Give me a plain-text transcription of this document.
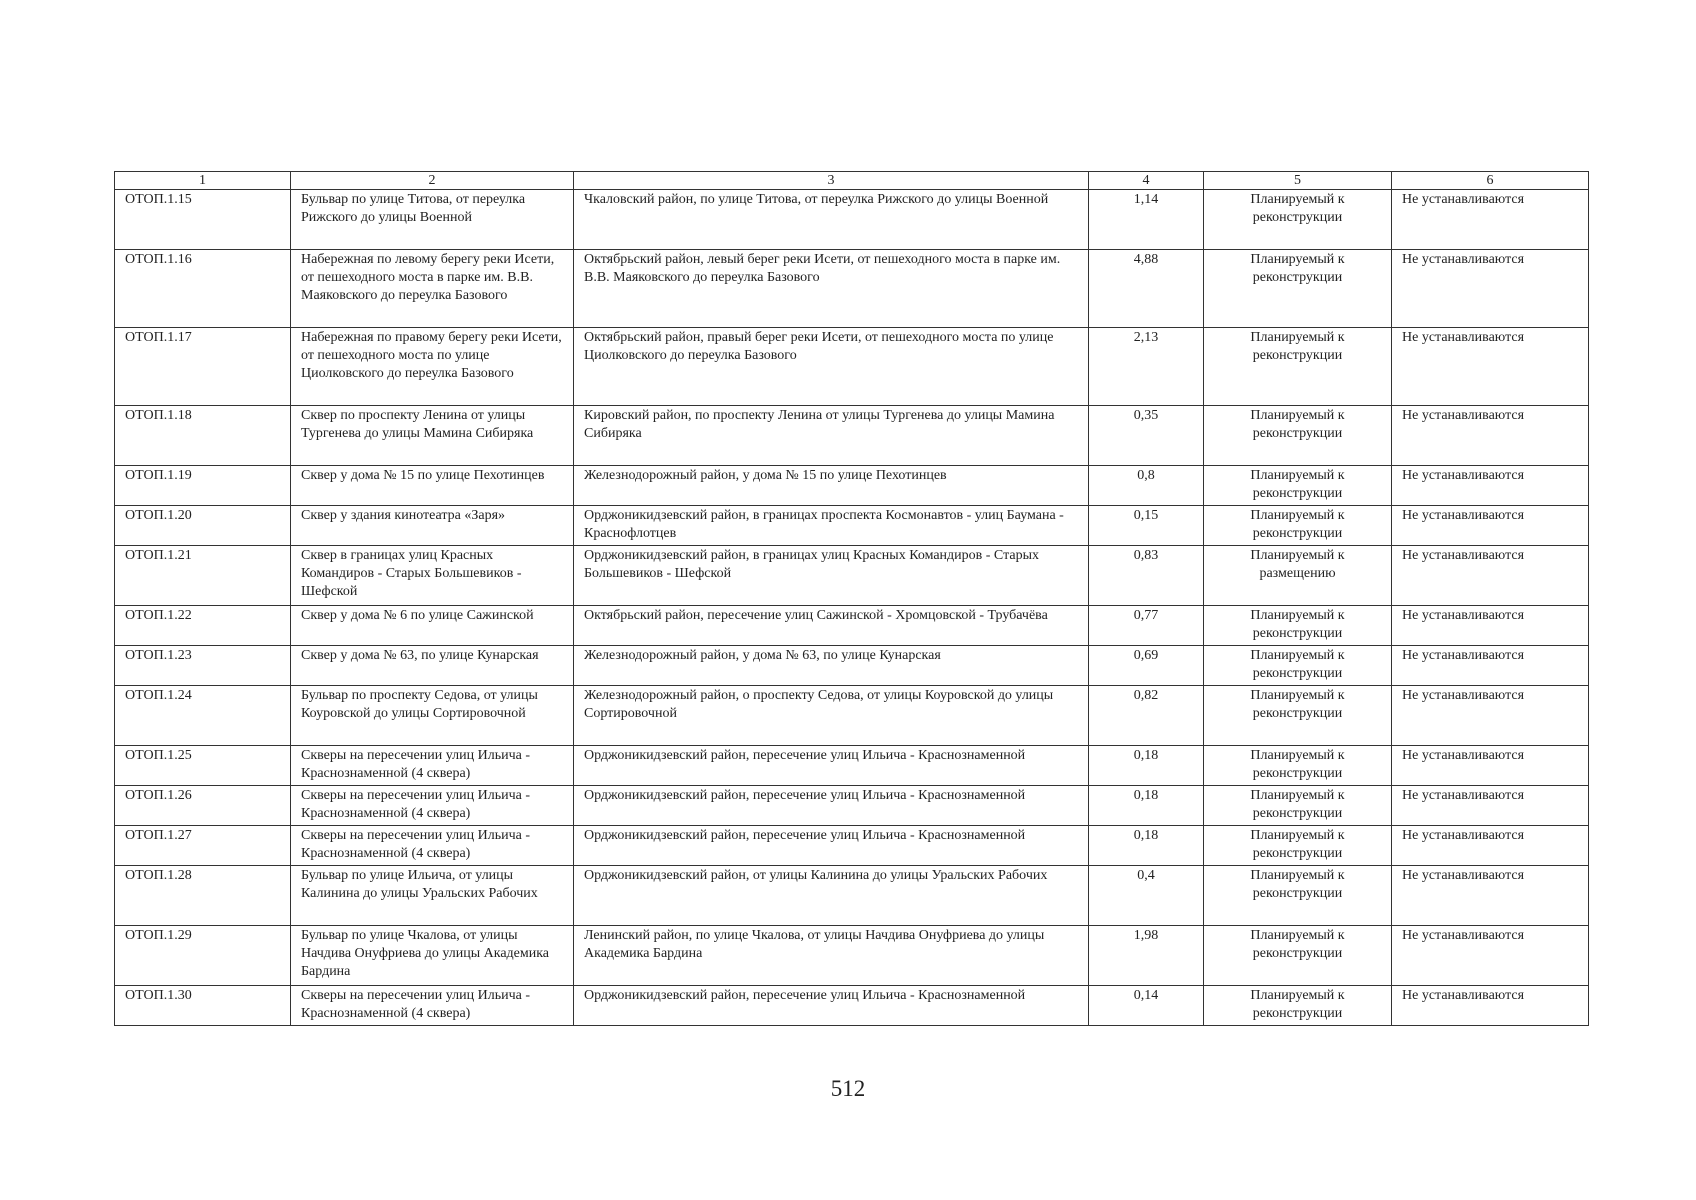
1	2	3	4	5	6
ОТОП.1.15	Бульвар по улице Титова, от переулка Рижского до улицы Военной	Чкаловский район, по улице Титова, от переулка Рижского до улицы Военной	1,14	Планируемый к реконструкции	Не устанавливаются
ОТОП.1.16	Набережная по левому берегу реки Исети, от пешеходного моста в парке им. В.В. Маяковского до переулка Базового	Октябрьский район, левый берег реки Исети, от пешеходного моста в парке им. В.В. Маяковского до переулка Базового	4,88	Планируемый к реконструкции	Не устанавливаются
ОТОП.1.17	Набережная по правому берегу реки Исети, от пешеходного моста по улице Циолковского до переулка Базового	Октябрьский район, правый берег реки Исети, от пешеходного моста по улице Циолковского до переулка Базового	2,13	Планируемый к реконструкции	Не устанавливаются
ОТОП.1.18	Сквер по проспекту Ленина от улицы Тургенева до улицы Мамина Сибиряка	Кировский район, по проспекту Ленина от улицы Тургенева до улицы Мамина Сибиряка	0,35	Планируемый к реконструкции	Не устанавливаются
ОТОП.1.19	Сквер у дома № 15 по улице Пехотинцев	Железнодорожный район, у дома № 15 по улице Пехотинцев	0,8	Планируемый к реконструкции	Не устанавливаются
ОТОП.1.20	Сквер у здания кинотеатра «Заря»	Орджоникидзевский район, в границах проспекта Космонавтов - улиц Баумана - Краснофлотцев	0,15	Планируемый к реконструкции	Не устанавливаются
ОТОП.1.21	Сквер в границах улиц Красных Командиров - Старых Большевиков - Шефской	Орджоникидзевский район, в границах улиц Красных Командиров - Старых Большевиков - Шефской	0,83	Планируемый к размещению	Не устанавливаются
ОТОП.1.22	Сквер у дома № 6 по улице Сажинской	Октябрьский район, пересечение улиц Сажинской - Хромцовской - Трубачёва	0,77	Планируемый к реконструкции	Не устанавливаются
ОТОП.1.23	Сквер у дома № 63, по улице Кунарская	Железнодорожный район, у дома № 63, по улице Кунарская	0,69	Планируемый к реконструкции	Не устанавливаются
ОТОП.1.24	Бульвар по проспекту Седова, от улицы Коуровской до улицы Сортировочной	Железнодорожный район, о проспекту Седова, от улицы Коуровской до улицы Сортировочной	0,82	Планируемый к реконструкции	Не устанавливаются
ОТОП.1.25	Скверы на пересечении улиц Ильича - Краснознаменной (4 сквера)	Орджоникидзевский район, пересечение улиц Ильича - Краснознаменной	0,18	Планируемый к реконструкции	Не устанавливаются
ОТОП.1.26	Скверы на пересечении улиц Ильича - Краснознаменной (4 сквера)	Орджоникидзевский район, пересечение улиц Ильича - Краснознаменной	0,18	Планируемый к реконструкции	Не устанавливаются
ОТОП.1.27	Скверы на пересечении улиц Ильича - Краснознаменной (4 сквера)	Орджоникидзевский район, пересечение улиц Ильича - Краснознаменной	0,18	Планируемый к реконструкции	Не устанавливаются
ОТОП.1.28	Бульвар по улице Ильича, от улицы Калинина до улицы Уральских Рабочих	Орджоникидзевский район, от улицы Калинина до улицы Уральских Рабочих	0,4	Планируемый к реконструкции	Не устанавливаются
ОТОП.1.29	Бульвар по улице Чкалова, от улицы Начдива Онуфриева до улицы Академика Бардина	Ленинский район, по улице Чкалова, от улицы Начдива Онуфриева до улицы Академика Бардина	1,98	Планируемый к реконструкции	Не устанавливаются
ОТОП.1.30	Скверы на пересечении улиц Ильича - Краснознаменной (4 сквера)	Орджоникидзевский район, пересечение улиц Ильича - Краснознаменной	0,14	Планируемый к реконструкции	Не устанавливаются
512
